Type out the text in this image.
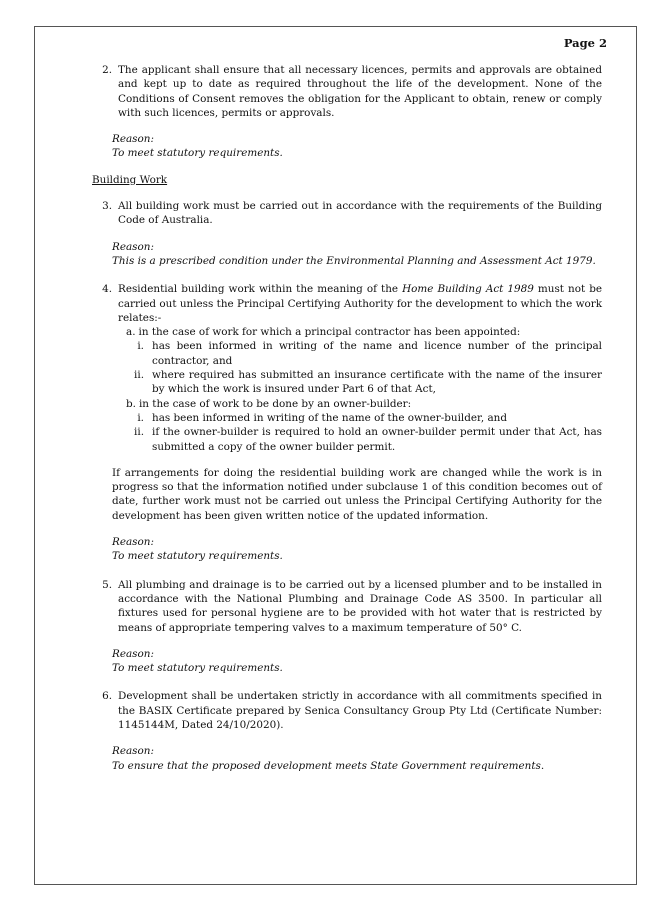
Page 2
2. The applicant shall ensure that all necessary licences, permits and approvals are obtained and kept up to date as required throughout the life of the development. None of the Conditions of Consent removes the obligation for the Applicant to obtain, renew or comply with such licences, permits or approvals.
Reason:
To meet statutory requirements.
Building Work
3. All building work must be carried out in accordance with the requirements of the Building Code of Australia.
Reason:
This is a prescribed condition under the Environmental Planning and Assessment Act 1979.
4. Residential building work within the meaning of the Home Building Act 1989 must not be carried out unless the Principal Certifying Authority for the development to which the work relates:-
a. in the case of work for which a principal contractor has been appointed:
i. has been informed in writing of the name and licence number of the principal contractor, and
ii. where required has submitted an insurance certificate with the name of the insurer by which the work is insured under Part 6 of that Act,
b. in the case of work to be done by an owner-builder:
i. has been informed in writing of the name of the owner-builder, and
ii. if the owner-builder is required to hold an owner-builder permit under that Act, has submitted a copy of the owner builder permit.
If arrangements for doing the residential building work are changed while the work is in progress so that the information notified under subclause 1 of this condition becomes out of date, further work must not be carried out unless the Principal Certifying Authority for the development has been given written notice of the updated information.
Reason:
To meet statutory requirements.
5. All plumbing and drainage is to be carried out by a licensed plumber and to be installed in accordance with the National Plumbing and Drainage Code AS 3500. In particular all fixtures used for personal hygiene are to be provided with hot water that is restricted by means of appropriate tempering valves to a maximum temperature of 50° C.
Reason:
To meet statutory requirements.
6. Development shall be undertaken strictly in accordance with all commitments specified in the BASIX Certificate prepared by Senica Consultancy Group Pty Ltd (Certificate Number: 1145144M, Dated 24/10/2020).
Reason:
To ensure that the proposed development meets State Government requirements.
